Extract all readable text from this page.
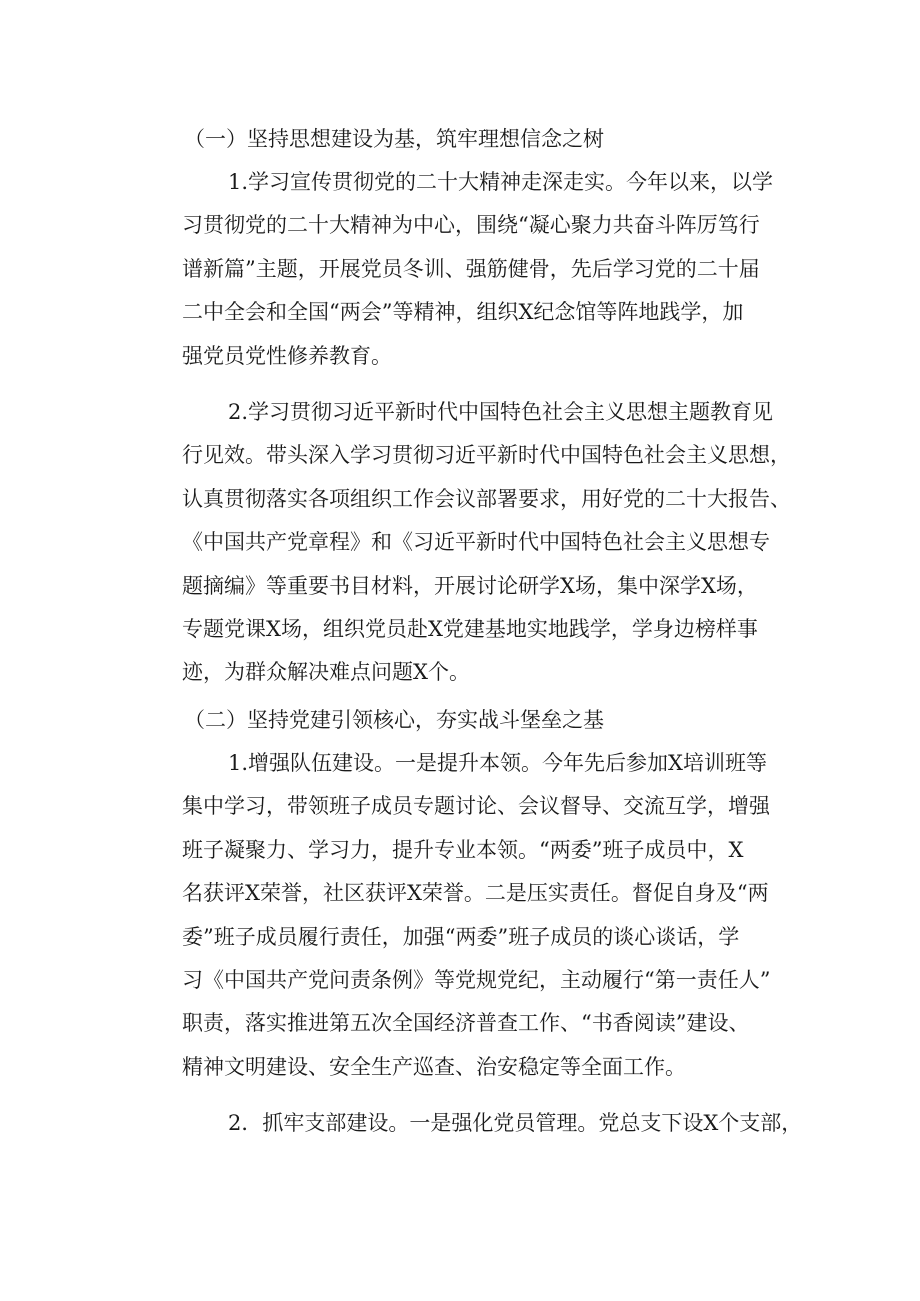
（一）坚持思想建设为基，筑牢理想信念之树
1.学习宣传贯彻党的二十大精神走深走实。今年以来，以学
习贯彻党的二十大精神为中心，围绕“凝心聚力共奋斗阵厉笃行
谱新篇”主题，开展党员冬训、强筋健骨，先后学习党的二十届
二中全会和全国“两会”等精神，组织X纪念馆等阵地践学，加
强党员党性修养教育。
2.学习贯彻习近平新时代中国特色社会主义思想主题教育见
行见效。带头深入学习贯彻习近平新时代中国特色社会主义思想，
认真贯彻落实各项组织工作会议部署要求，用好党的二十大报告、
《中国共产党章程》和《习近平新时代中国特色社会主义思想专
题摘编》等重要书目材料，开展讨论研学X场，集中深学X场，
专题党课X场，组织党员赴X党建基地实地践学，学身边榜样事
迹，为群众解决难点问题X个。
（二）坚持党建引领核心，夯实战斗堡垒之基
1.增强队伍建设。一是提升本领。今年先后参加X培训班等
集中学习，带领班子成员专题讨论、会议督导、交流互学，增强
班子凝聚力、学习力，提升专业本领。“两委”班子成员中，X
名获评X荣誉，社区获评X荣誉。二是压实责任。督促自身及“两
委”班子成员履行责任，加强“两委”班子成员的谈心谈话，学
习《中国共产党问责条例》等党规党纪，主动履行“第一责任人”
职责，落实推进第五次全国经济普查工作、“书香阅读”建设、
精神文明建设、安全生产巡查、治安稳定等全面工作。
2．抓牢支部建设。一是强化党员管理。党总支下设X个支部，
